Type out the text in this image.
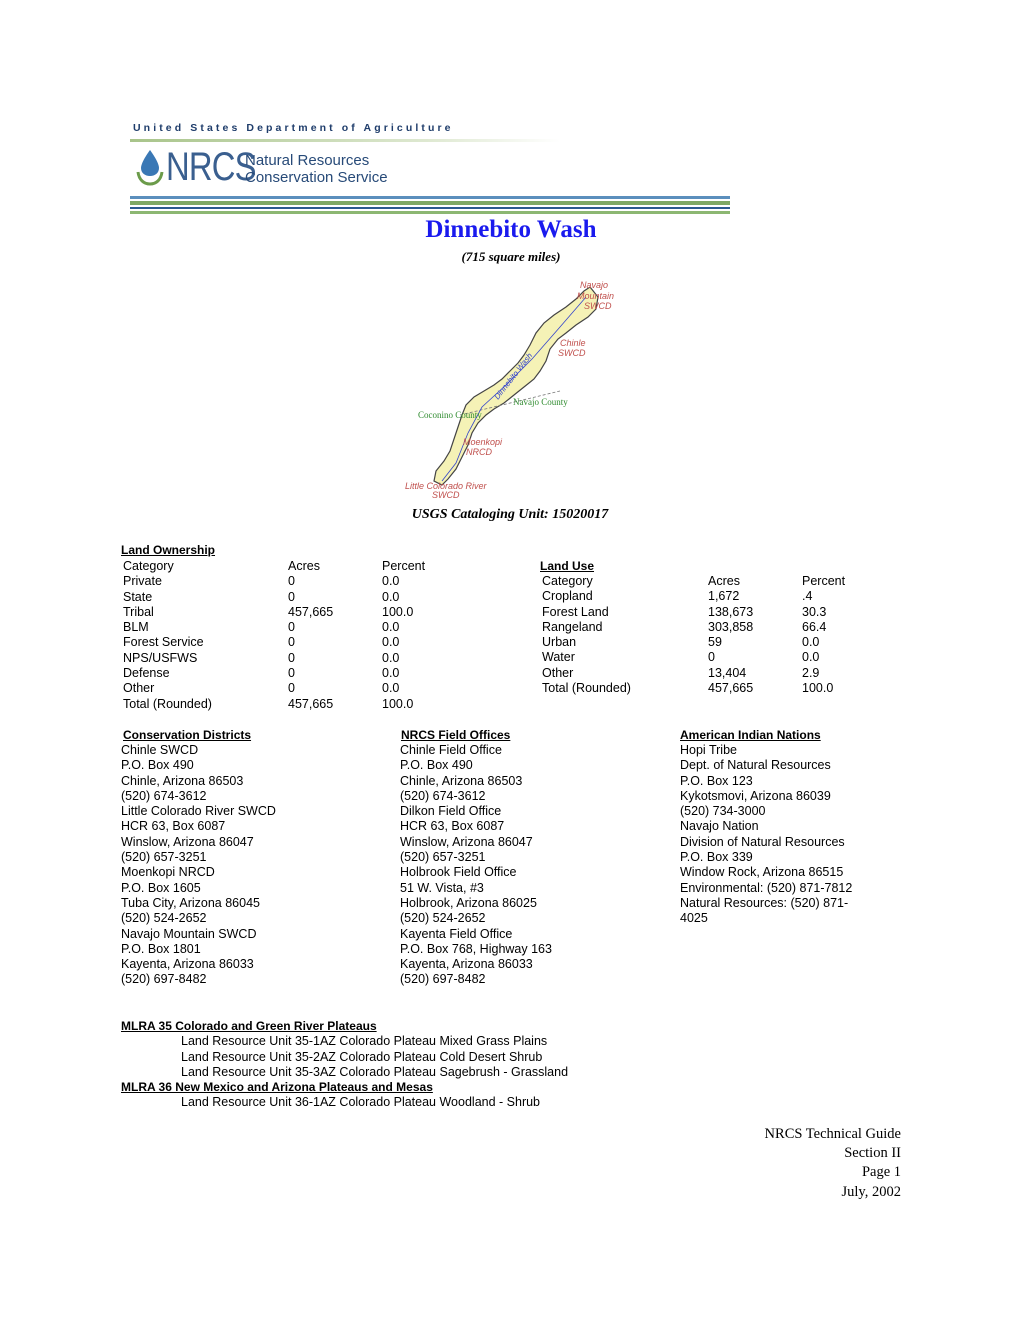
United States Department of Agriculture
NRCS
Natural Resources
Conservation Service
Dinnebito Wash
(715 square miles)
Navajo
Mountain
SWCD
Chinle
SWCD
Moenkopi
NRCD
Little Colorado River
SWCD
Navajo County
Coconino County
Dinnebito Wash
USGS Cataloging Unit: 15020017
Land Ownership
Category	Acres	Percent
Private	0	0.0
State	0	0.0
Tribal	457,665	100.0
BLM	0	0.0
Forest Service	0	0.0
NPS/USFWS	0	0.0
Defense	0	0.0
Other	0	0.0
Total (Rounded)	457,665	100.0
Land Use
Category	Acres	Percent
Cropland	1,672	.4
Forest Land	138,673	30.3
Rangeland	303,858	66.4
Urban	59	0.0
Water	0	0.0
Other	13,404	2.9
Total (Rounded)	457,665	100.0
Conservation Districts
Chinle SWCD
P.O. Box 490
Chinle, Arizona 86503
(520) 674-3612
Little Colorado River SWCD
HCR 63, Box 6087
Winslow, Arizona 86047
(520) 657-3251
Moenkopi NRCD
P.O. Box 1605
Tuba City, Arizona 86045
(520) 524-2652
Navajo Mountain SWCD
P.O. Box 1801
Kayenta, Arizona 86033
(520) 697-8482
NRCS Field Offices
Chinle Field Office
P.O. Box 490
Chinle, Arizona 86503
(520) 674-3612
Dilkon Field Office
HCR 63, Box 6087
Winslow, Arizona 86047
(520) 657-3251
Holbrook Field Office
51 W. Vista, #3
Holbrook, Arizona 86025
(520) 524-2652
Kayenta Field Office
P.O. Box 768, Highway 163
Kayenta, Arizona 86033
(520) 697-8482
American Indian Nations
Hopi Tribe
Dept. of Natural Resources
P.O. Box 123
Kykotsmovi, Arizona 86039
(520) 734-3000
Navajo Nation
Division of Natural Resources
P.O. Box 339
Window Rock, Arizona 86515
Environmental: (520) 871-7812
Natural Resources: (520) 871-
4025
MLRA 35 Colorado and Green River Plateaus
Land Resource Unit 35-1AZ Colorado Plateau Mixed Grass Plains
Land Resource Unit 35-2AZ Colorado Plateau Cold Desert Shrub
Land Resource Unit 35-3AZ Colorado Plateau Sagebrush - Grassland
MLRA 36 New Mexico and Arizona Plateaus and Mesas
Land Resource Unit 36-1AZ Colorado Plateau Woodland - Shrub
NRCS Technical Guide
Section II
Page 1
July, 2002
